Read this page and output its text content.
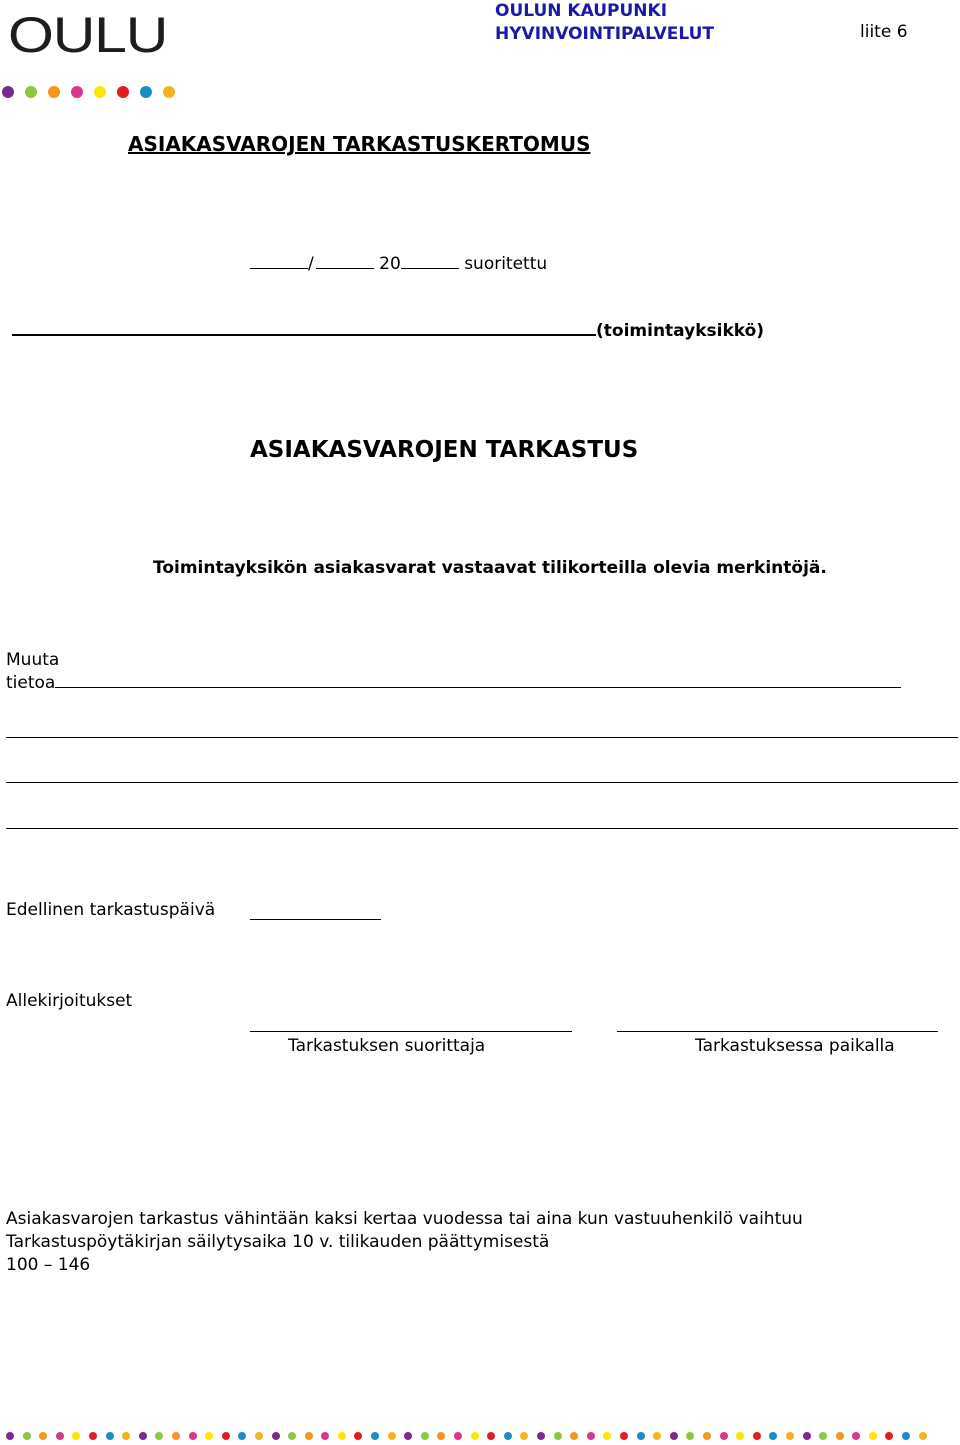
OULU	OULUN KAUPUNKI
HYVINVOINTIPALVELUT	liite 6
ASIAKASVAROJEN TARKASTUSKERTOMUS
/	20	suoritettu
(toimintayksikkö)
ASIAKASVAROJEN TARKASTUS
Toimintayksikön asiakasvarat vastaavat tilikorteilla olevia merkintöjä.
Muuta
tietoa
Edellinen tarkastuspäivä
Allekirjoitukset
Tarkastuksen suorittaja	Tarkastuksessa paikalla
Asiakasvarojen tarkastus vähintään kaksi kertaa vuodessa tai aina kun vastuuhenkilö vaihtuu
Tarkastuspöytäkirjan säilytysaika 10 v. tilikauden päättymisestä
100 – 146
